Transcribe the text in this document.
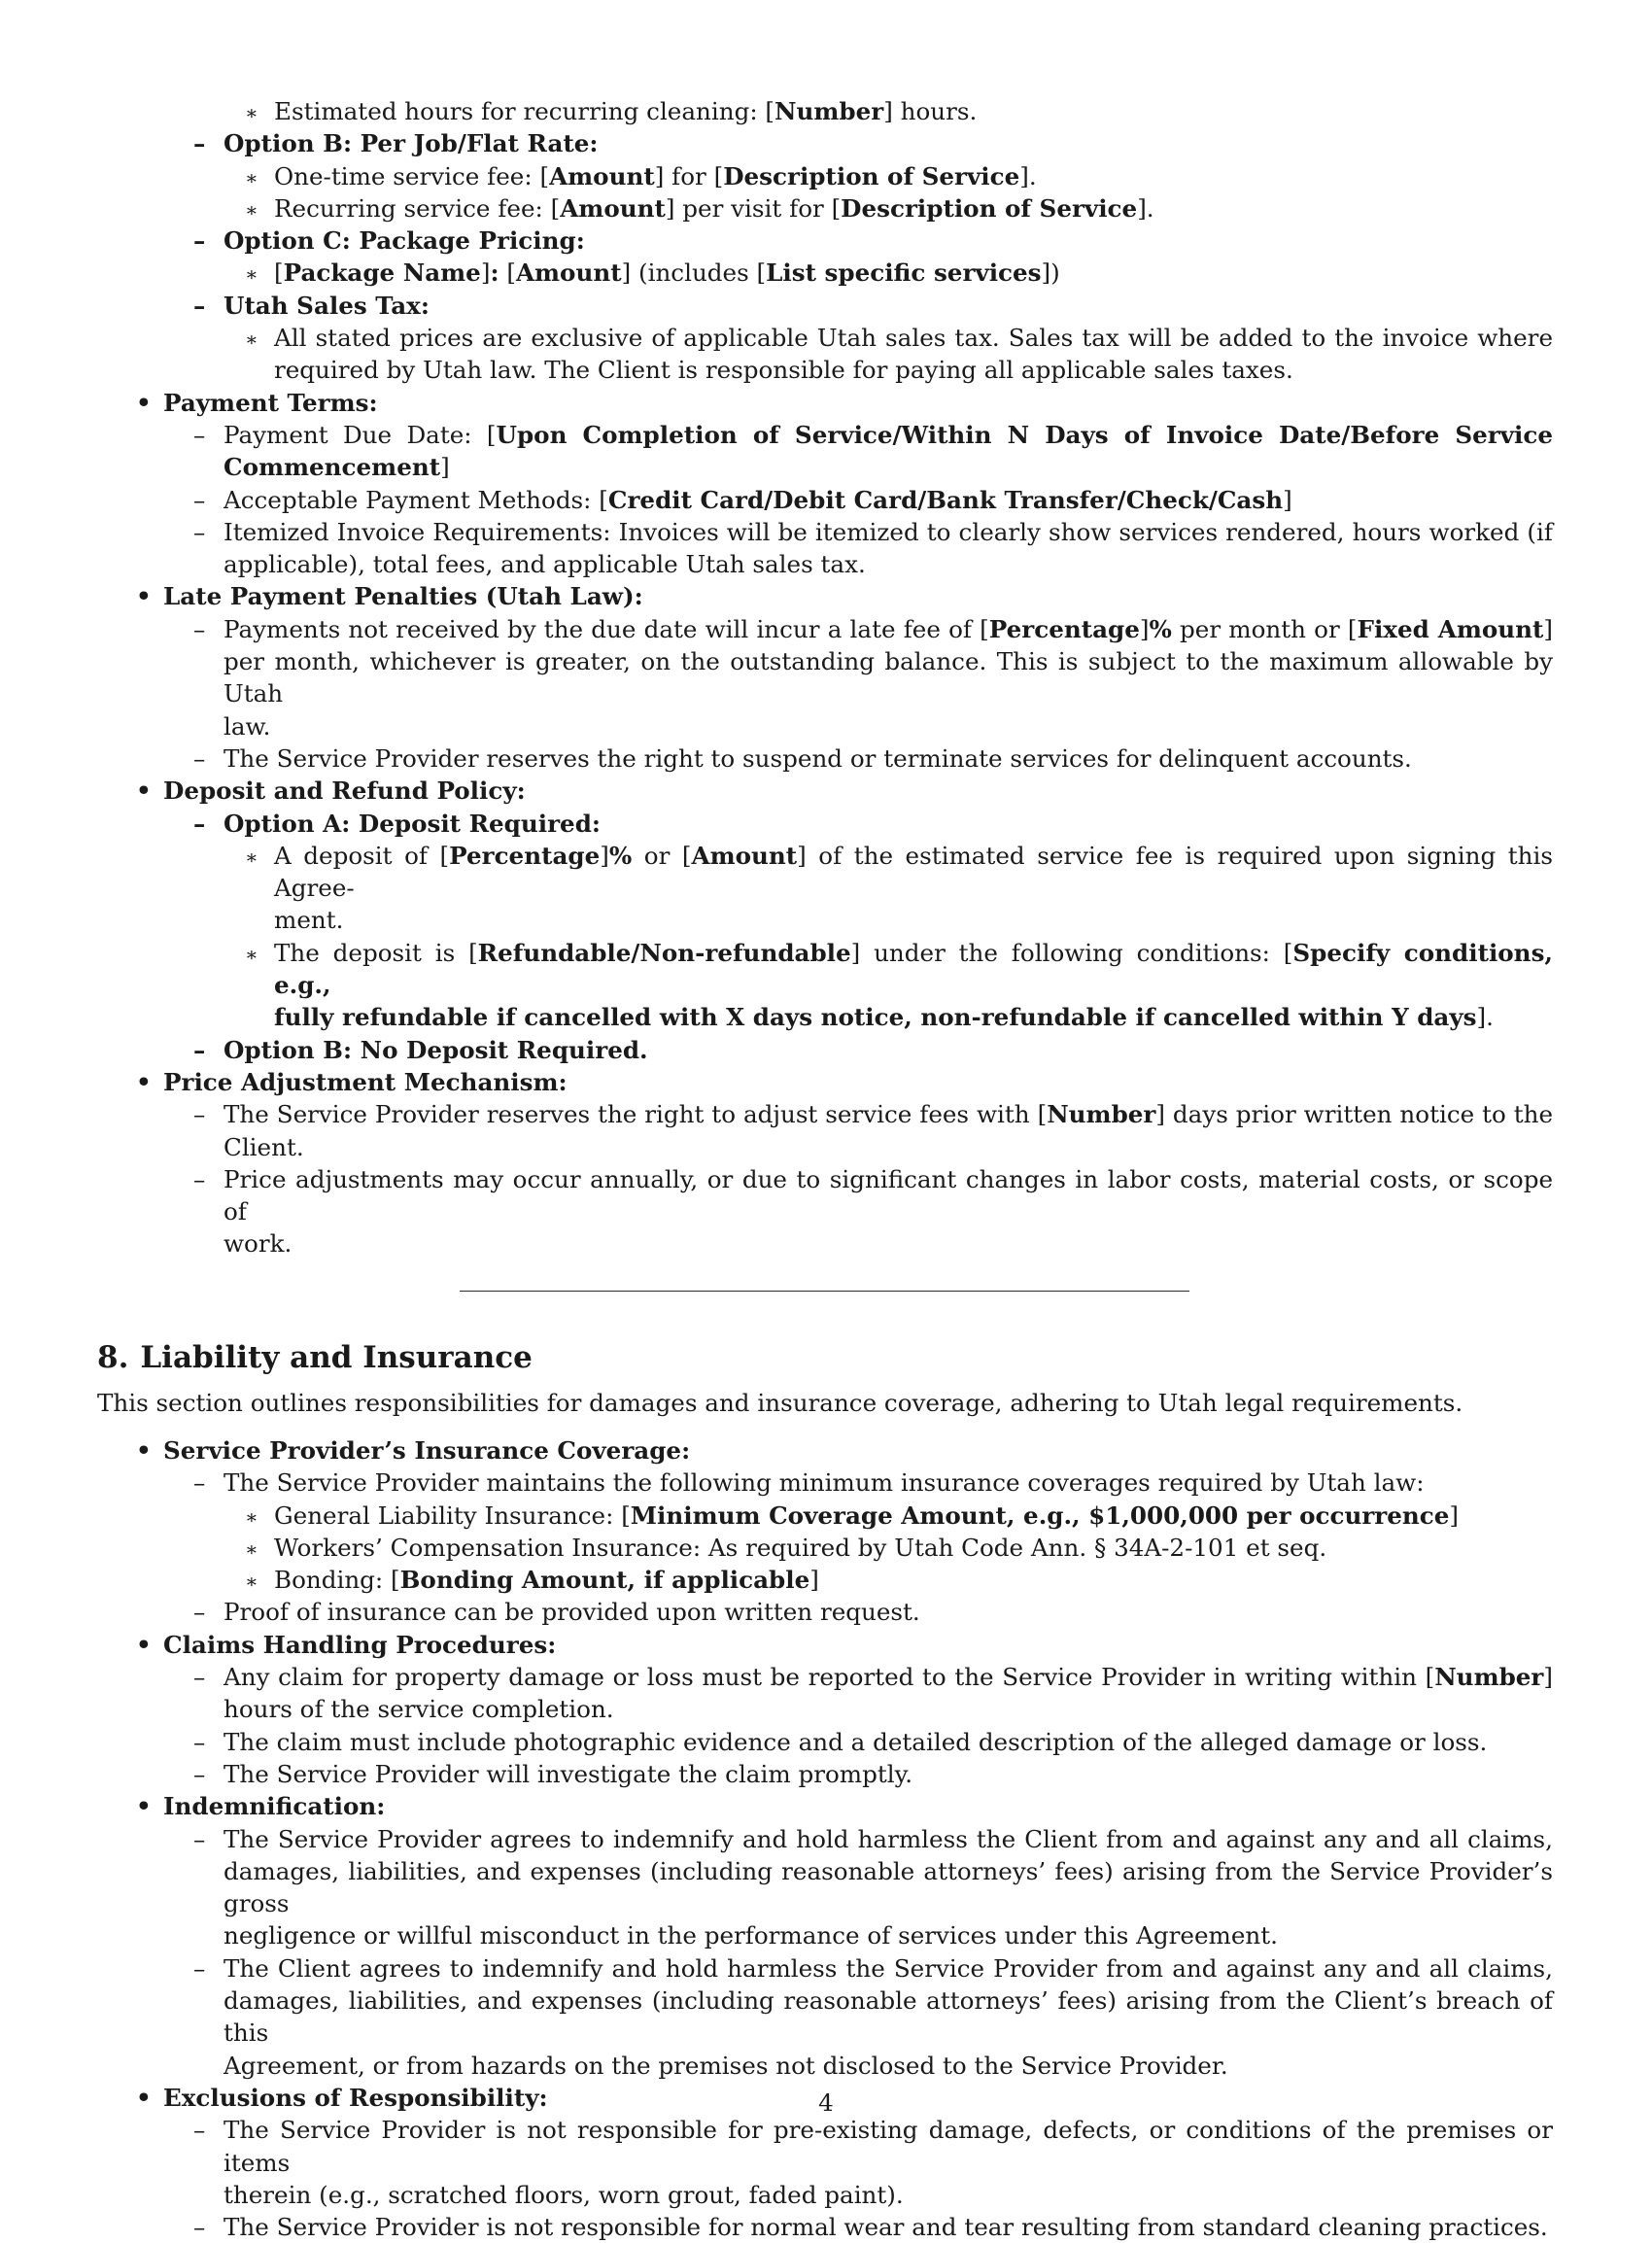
∗ Estimated hours for recurring cleaning: [Number] hours.
– Option B: Per Job/Flat Rate:
∗ One-time service fee: [Amount] for [Description of Service].
∗ Recurring service fee: [Amount] per visit for [Description of Service].
– Option C: Package Pricing:
∗ [Package Name]: [Amount] (includes [List specific services])
– Utah Sales Tax:
∗ All stated prices are exclusive of applicable Utah sales tax. Sales tax will be added to the invoice where
required by Utah law. The Client is responsible for paying all applicable sales taxes.
• Payment Terms:
– Payment Due Date: [Upon Completion of Service/Within N Days of Invoice Date/Before Service
Commencement]
– Acceptable Payment Methods: [Credit Card/Debit Card/Bank Transfer/Check/Cash]
– Itemized Invoice Requirements: Invoices will be itemized to clearly show services rendered, hours worked (if
applicable), total fees, and applicable Utah sales tax.
• Late Payment Penalties (Utah Law):
– Payments not received by the due date will incur a late fee of [Percentage]% per month or [Fixed Amount]
per month, whichever is greater, on the outstanding balance. This is subject to the maximum allowable by Utah
law.
– The Service Provider reserves the right to suspend or terminate services for delinquent accounts.
• Deposit and Refund Policy:
– Option A: Deposit Required:
∗ A deposit of [Percentage]% or [Amount] of the estimated service fee is required upon signing this Agree-
ment.
∗ The deposit is [Refundable/Non-refundable] under the following conditions: [Specify conditions, e.g.,
fully refundable if cancelled with X days notice, non-refundable if cancelled within Y days].
– Option B: No Deposit Required.
• Price Adjustment Mechanism:
– The Service Provider reserves the right to adjust service fees with [Number] days prior written notice to the
Client.
– Price adjustments may occur annually, or due to significant changes in labor costs, material costs, or scope of
work.
8. Liability and Insurance
This section outlines responsibilities for damages and insurance coverage, adhering to Utah legal requirements.
• Service Provider’s Insurance Coverage:
– The Service Provider maintains the following minimum insurance coverages required by Utah law:
∗ General Liability Insurance: [Minimum Coverage Amount, e.g., $1,000,000 per occurrence]
∗ Workers’ Compensation Insurance: As required by Utah Code Ann. § 34A-2-101 et seq.
∗ Bonding: [Bonding Amount, if applicable]
– Proof of insurance can be provided upon written request.
• Claims Handling Procedures:
– Any claim for property damage or loss must be reported to the Service Provider in writing within [Number]
hours of the service completion.
– The claim must include photographic evidence and a detailed description of the alleged damage or loss.
– The Service Provider will investigate the claim promptly.
• Indemnification:
– The Service Provider agrees to indemnify and hold harmless the Client from and against any and all claims,
damages, liabilities, and expenses (including reasonable attorneys’ fees) arising from the Service Provider’s gross
negligence or willful misconduct in the performance of services under this Agreement.
– The Client agrees to indemnify and hold harmless the Service Provider from and against any and all claims,
damages, liabilities, and expenses (including reasonable attorneys’ fees) arising from the Client’s breach of this
Agreement, or from hazards on the premises not disclosed to the Service Provider.
• Exclusions of Responsibility:
– The Service Provider is not responsible for pre-existing damage, defects, or conditions of the premises or items
therein (e.g., scratched floors, worn grout, faded paint).
– The Service Provider is not responsible for normal wear and tear resulting from standard cleaning practices.
4
